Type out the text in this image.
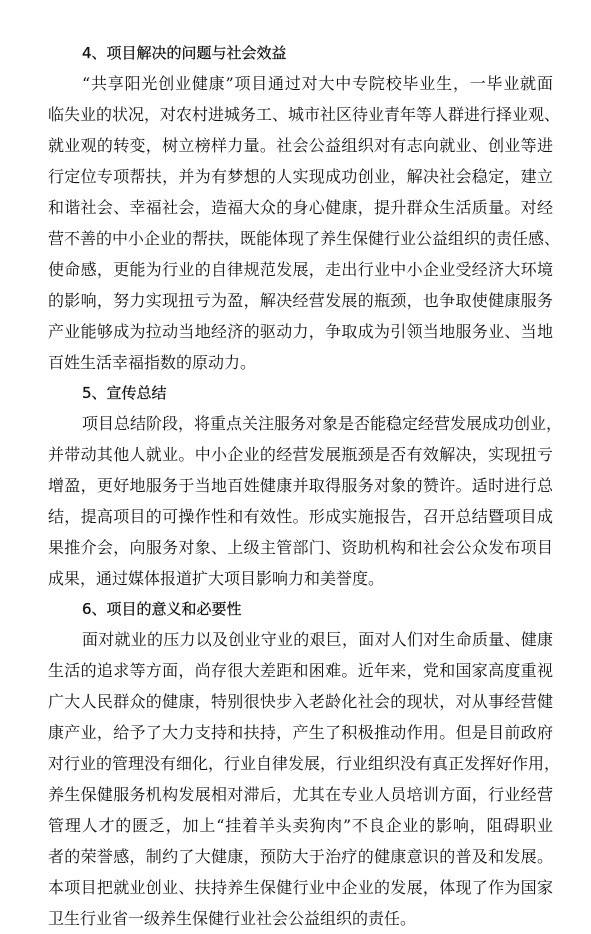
4、项目解决的问题与社会效益

“共享阳光创业健康”项目通过对大中专院校毕业生，一毕业就面

临失业的状况，对农村进城务工、城市社区待业青年等人群进行择业观、

就业观的转变，树立榜样力量。社会公益组织对有志向就业、创业等进

行定位专项帮扶，并为有梦想的人实现成功创业，解决社会稳定，建立

和谐社会、幸福社会，造福大众的身心健康，提升群众生活质量。对经

营不善的中小企业的帮扶，既能体现了养生保健行业公益组织的责任感、

使命感，更能为行业的自律规范发展，走出行业中小企业受经济大环境

的影响，努力实现扭亏为盈，解决经营发展的瓶颈，也争取使健康服务

产业能够成为拉动当地经济的驱动力，争取成为引领当地服务业、当地

百姓生活幸福指数的原动力。

5、宣传总结

项目总结阶段，将重点关注服务对象是否能稳定经营发展成功创业，

并带动其他人就业。中小企业的经营发展瓶颈是否有效解决，实现扭亏

增盈，更好地服务于当地百姓健康并取得服务对象的赞许。适时进行总

结，提高项目的可操作性和有效性。形成实施报告，召开总结暨项目成

果推介会，向服务对象、上级主管部门、资助机构和社会公众发布项目

成果，通过媒体报道扩大项目影响力和美誉度。

6、项目的意义和必要性

面对就业的压力以及创业守业的艰巨，面对人们对生命质量、健康

生活的追求等方面，尚存很大差距和困难。近年来，党和国家高度重视

广大人民群众的健康，特别很快步入老龄化社会的现状，对从事经营健

康产业，给予了大力支持和扶持，产生了积极推动作用。但是目前政府

对行业的管理没有细化，行业自律发展，行业组织没有真正发挥好作用，

养生保健服务机构发展相对滞后，尤其在专业人员培训方面，行业经营

管理人才的匮乏，加上“挂着羊头卖狗肉”不良企业的影响，阻碍职业

者的荣誉感，制约了大健康，预防大于治疗的健康意识的普及和发展。

本项目把就业创业、扶持养生保健行业中企业的发展，体现了作为国家

卫生行业省一级养生保健行业社会公益组织的责任。
